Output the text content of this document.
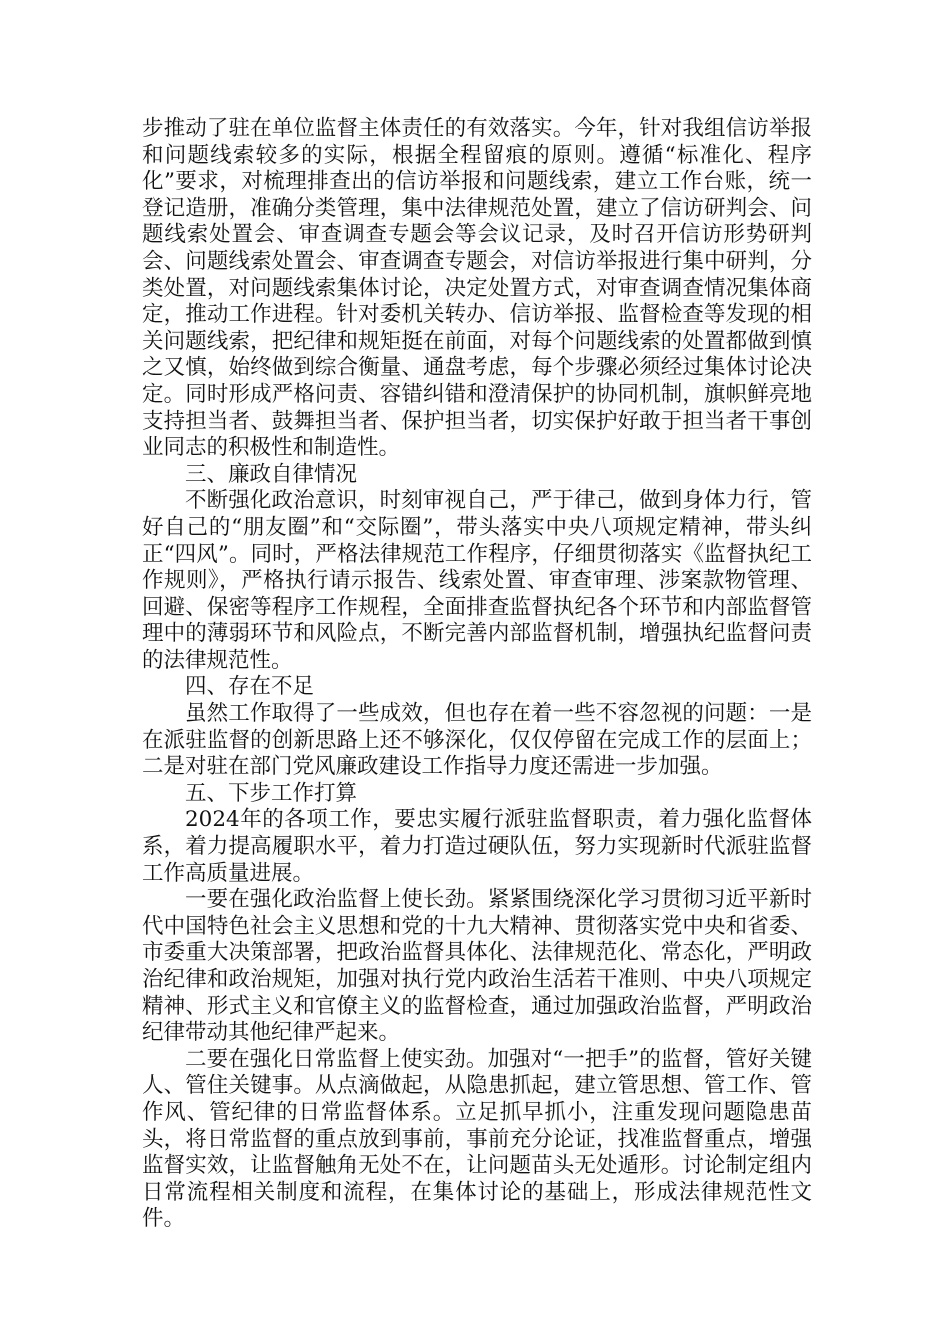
步推动了驻在单位监督主体责任的有效落实。今年，针对我组信访举报和问题线索较多的实际，根据全程留痕的原则。遵循“标准化、程序化”要求，对梳理排查出的信访举报和问题线索，建立工作台账，统一登记造册，准确分类管理，集中法律规范处置，建立了信访研判会、问题线索处置会、审查调查专题会等会议记录，及时召开信访形势研判会、问题线索处置会、审查调查专题会，对信访举报进行集中研判，分类处置，对问题线索集体讨论，决定处置方式，对审查调查情况集体商定，推动工作进程。针对委机关转办、信访举报、监督检查等发现的相关问题线索，把纪律和规矩挺在前面，对每个问题线索的处置都做到慎之又慎，始终做到综合衡量、通盘考虑，每个步骤必须经过集体讨论决定。同时形成严格问责、容错纠错和澄清保护的协同机制，旗帜鲜亮地支持担当者、鼓舞担当者、保护担当者，切实保护好敢于担当者干事创业同志的积极性和制造性。

三、廉政自律情况

不断强化政治意识，时刻审视自己，严于律己，做到身体力行，管好自己的“朋友圈”和“交际圈”，带头落实中央八项规定精神，带头纠正“四风”。同时，严格法律规范工作程序，仔细贯彻落实《监督执纪工作规则》，严格执行请示报告、线索处置、审查审理、涉案款物管理、回避、保密等程序工作规程，全面排查监督执纪各个环节和内部监督管理中的薄弱环节和风险点，不断完善内部监督机制，增强执纪监督问责的法律规范性。

四、存在不足

虽然工作取得了一些成效，但也存在着一些不容忽视的问题：一是在派驻监督的创新思路上还不够深化，仅仅停留在完成工作的层面上；二是对驻在部门党风廉政建设工作指导力度还需进一步加强。

五、下步工作打算

2024年的各项工作，要忠实履行派驻监督职责，着力强化监督体系，着力提高履职水平，着力打造过硬队伍，努力实现新时代派驻监督工作高质量进展。

一要在强化政治监督上使长劲。紧紧围绕深化学习贯彻习近平新时代中国特色社会主义思想和党的十九大精神、贯彻落实党中央和省委、市委重大决策部署，把政治监督具体化、法律规范化、常态化，严明政治纪律和政治规矩，加强对执行党内政治生活若干准则、中央八项规定精神、形式主义和官僚主义的监督检查，通过加强政治监督，严明政治纪律带动其他纪律严起来。

二要在强化日常监督上使实劲。加强对“一把手”的监督，管好关键人、管住关键事。从点滴做起，从隐患抓起，建立管思想、管工作、管作风、管纪律的日常监督体系。立足抓早抓小，注重发现问题隐患苗头，将日常监督的重点放到事前，事前充分论证，找准监督重点，增强监督实效，让监督触角无处不在，让问题苗头无处遁形。讨论制定组内日常流程相关制度和流程，在集体讨论的基础上，形成法律规范性文件。
